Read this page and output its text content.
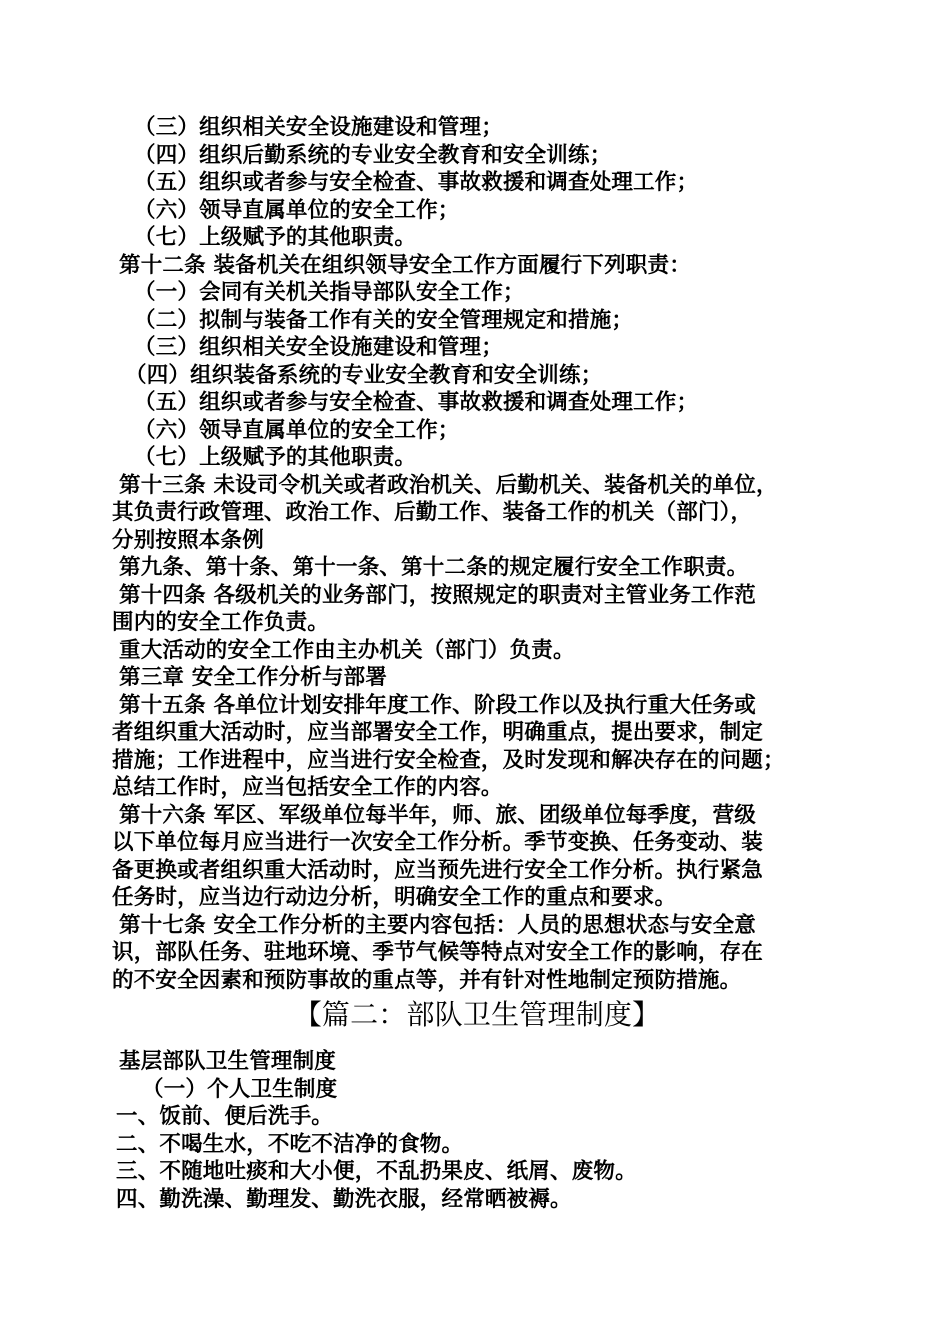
（三）组织相关安全设施建设和管理；
（四）组织后勤系统的专业安全教育和安全训练；
（五）组织或者参与安全检查、事故救援和调查处理工作；
（六）领导直属单位的安全工作；
（七）上级赋予的其他职责。
第十二条 装备机关在组织领导安全工作方面履行下列职责：
（一）会同有关机关指导部队安全工作；
（二）拟制与装备工作有关的安全管理规定和措施；
（三）组织相关安全设施建设和管理；
（四）组织装备系统的专业安全教育和安全训练；
（五）组织或者参与安全检查、事故救援和调查处理工作；
（六）领导直属单位的安全工作；
（七）上级赋予的其他职责。
第十三条 未设司令机关或者政治机关、后勤机关、装备机关的单位，
其负责行政管理、政治工作、后勤工作、装备工作的机关（部门），
分别按照本条例
第九条、第十条、第十一条、第十二条的规定履行安全工作职责。
第十四条 各级机关的业务部门，按照规定的职责对主管业务工作范
围内的安全工作负责。
重大活动的安全工作由主办机关（部门）负责。
第三章 安全工作分析与部署
第十五条 各单位计划安排年度工作、阶段工作以及执行重大任务或
者组织重大活动时，应当部署安全工作，明确重点，提出要求，制定
措施；工作进程中，应当进行安全检查，及时发现和解决存在的问题；
总结工作时，应当包括安全工作的内容。
第十六条 军区、军级单位每半年，师、旅、团级单位每季度，营级
以下单位每月应当进行一次安全工作分析。季节变换、任务变动、装
备更换或者组织重大活动时，应当预先进行安全工作分析。执行紧急
任务时，应当边行动边分析，明确安全工作的重点和要求。
第十七条 安全工作分析的主要内容包括：人员的思想状态与安全意
识，部队任务、驻地环境、季节气候等特点对安全工作的影响，存在
的不安全因素和预防事故的重点等，并有针对性地制定预防措施。
【篇二：部队卫生管理制度】
基层部队卫生管理制度
（一）个人卫生制度
一、饭前、便后洗手。
二、不喝生水，不吃不洁净的食物。
三、不随地吐痰和大小便，不乱扔果皮、纸屑、废物。
四、勤洗澡、勤理发、勤洗衣服，经常晒被褥。
